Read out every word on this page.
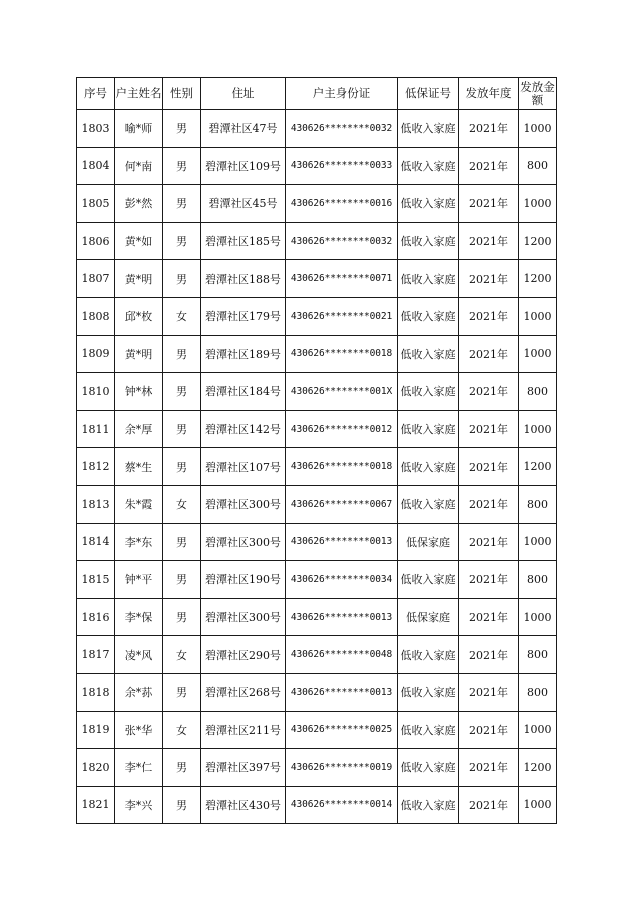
序号	户主姓名	性别	住址	户主身份证	低保证号	发放年度	发放金额
1803	喻*师	男	碧潭社区47号	430626********0032	低收入家庭	2021年	1000
1804	何*南	男	碧潭社区109号	430626********0033	低收入家庭	2021年	800
1805	彭*然	男	碧潭社区45号	430626********0016	低收入家庭	2021年	1000
1806	黄*如	男	碧潭社区185号	430626********0032	低收入家庭	2021年	1200
1807	黄*明	男	碧潭社区188号	430626********0071	低收入家庭	2021年	1200
1808	邱*枚	女	碧潭社区179号	430626********0021	低收入家庭	2021年	1000
1809	黄*明	男	碧潭社区189号	430626********0018	低收入家庭	2021年	1000
1810	钟*林	男	碧潭社区184号	430626********001X	低收入家庭	2021年	800
1811	余*厚	男	碧潭社区142号	430626********0012	低收入家庭	2021年	1000
1812	蔡*生	男	碧潭社区107号	430626********0018	低收入家庭	2021年	1200
1813	朱*霞	女	碧潭社区300号	430626********0067	低收入家庭	2021年	800
1814	李*东	男	碧潭社区300号	430626********0013	低保家庭	2021年	1000
1815	钟*平	男	碧潭社区190号	430626********0034	低收入家庭	2021年	800
1816	李*保	男	碧潭社区300号	430626********0013	低保家庭	2021年	1000
1817	凌*风	女	碧潭社区290号	430626********0048	低收入家庭	2021年	800
1818	余*荪	男	碧潭社区268号	430626********0013	低收入家庭	2021年	800
1819	张*华	女	碧潭社区211号	430626********0025	低收入家庭	2021年	1000
1820	李*仁	男	碧潭社区397号	430626********0019	低收入家庭	2021年	1200
1821	李*兴	男	碧潭社区430号	430626********0014	低收入家庭	2021年	1000
